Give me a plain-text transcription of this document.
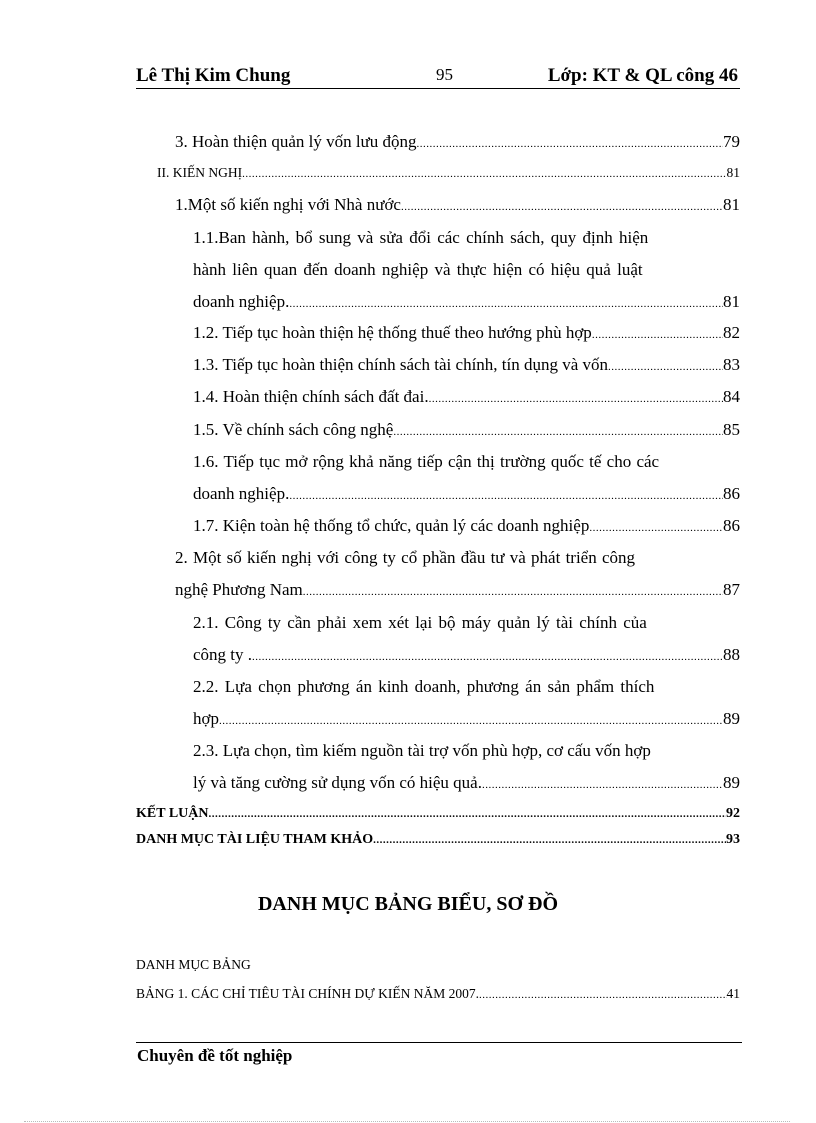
Lê Thị Kim Chung	95	Lớp: KT & QL công 46
3. Hoàn thiện quản lý vốn lưu động .....	79
II. KIẾN NGHỊ .....	81
1.Một số kiến nghị với Nhà nước .....	81
1.1.Ban hành, bổ sung và sửa đổi các chính sách, quy định hiện
hành liên quan đến doanh nghiệp và thực hiện có hiệu quả luật
doanh nghiệp. .....	81
1.2. Tiếp tục hoàn thiện hệ thống thuế theo hướng phù hợp .....	82
1.3. Tiếp tục hoàn thiện chính sách tài chính, tín dụng và vốn .....	83
1.4. Hoàn thiện chính sách đất đai. .....	84
1.5. Về chính sách công nghệ .....	85
1.6. Tiếp tục mở rộng khả năng tiếp cận thị trường quốc tế cho các
doanh nghiệp. .....	86
1.7. Kiện toàn hệ thống tổ chức, quản lý các doanh nghiệp .....	86
2. Một số kiến nghị với công ty cổ phần đầu tư và phát triển công
nghệ Phương Nam .....	87
2.1. Công ty cần phải xem xét lại bộ máy quản lý tài chính của
công ty . .....	88
2.2. Lựa chọn phương án kinh doanh, phương án sản phẩm thích
hợp .....	89
2.3. Lựa chọn, tìm kiếm nguồn tài trợ vốn phù hợp, cơ cấu vốn hợp
lý và tăng cường sử dụng vốn có hiệu quả. .....	89
KẾT LUẬN .....	92
DANH MỤC TÀI LIỆU THAM KHẢO .....	93
DANH MỤC BẢNG BIỂU, SƠ ĐỒ
DANH MỤC BẢNG
BẢNG 1. CÁC CHỈ TIÊU TÀI CHÍNH DỰ KIẾN NĂM 2007. .....	41
Chuyên đề tốt nghiệp
